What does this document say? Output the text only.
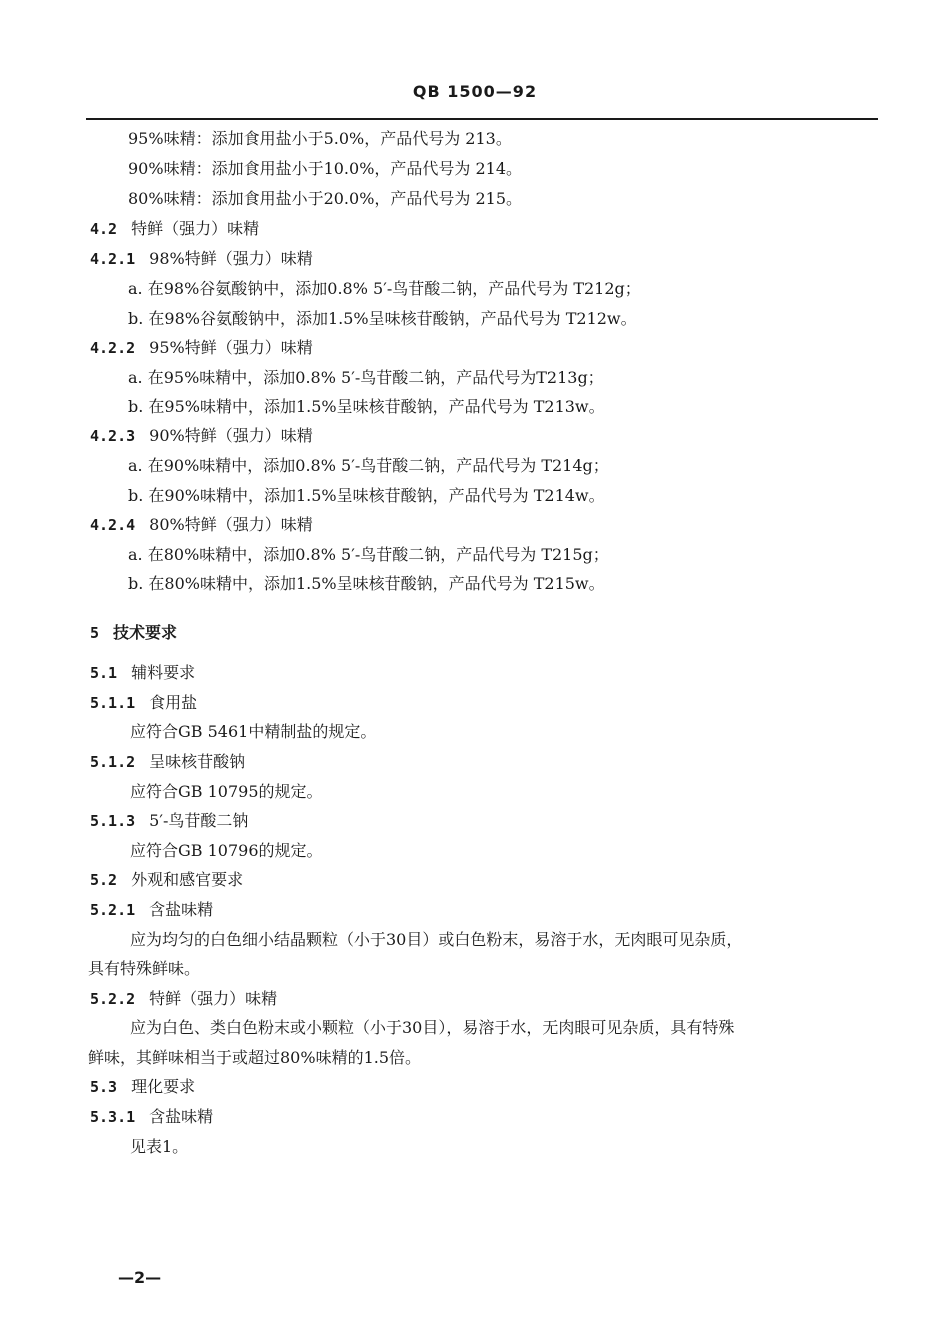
QB 1500—92
95%味精：添加食用盐小于5.0%，产品代号为 213。
90%味精：添加食用盐小于10.0%，产品代号为 214。
80%味精：添加食用盐小于20.0%，产品代号为 215。
4.2 特鲜（强力）味精
4.2.1 98%特鲜（强力）味精
a. 在98%谷氨酸钠中，添加0.8% 5′-鸟苷酸二钠，产品代号为 T212g；
b. 在98%谷氨酸钠中，添加1.5%呈味核苷酸钠，产品代号为 T212w。
4.2.2 95%特鲜（强力）味精
a. 在95%味精中，添加0.8% 5′-鸟苷酸二钠，产品代号为T213g；
b. 在95%味精中，添加1.5%呈味核苷酸钠，产品代号为 T213w。
4.2.3 90%特鲜（强力）味精
a. 在90%味精中，添加0.8% 5′-鸟苷酸二钠，产品代号为 T214g；
b. 在90%味精中，添加1.5%呈味核苷酸钠，产品代号为 T214w。
4.2.4 80%特鲜（强力）味精
a. 在80%味精中，添加0.8% 5′-鸟苷酸二钠，产品代号为 T215g；
b. 在80%味精中，添加1.5%呈味核苷酸钠，产品代号为 T215w。
5 技术要求
5.1 辅料要求
5.1.1 食用盐
应符合GB 5461中精制盐的规定。
5.1.2 呈味核苷酸钠
应符合GB 10795的规定。
5.1.3 5′-鸟苷酸二钠
应符合GB 10796的规定。
5.2 外观和感官要求
5.2.1 含盐味精
应为均匀的白色细小结晶颗粒（小于30目）或白色粉末，易溶于水，无肉眼可见杂质，
具有特殊鲜味。
5.2.2 特鲜（强力）味精
应为白色、类白色粉末或小颗粒（小于30目），易溶于水，无肉眼可见杂质，具有特殊
鲜味，其鲜味相当于或超过80%味精的1.5倍。
5.3 理化要求
5.3.1 含盐味精
见表1。
—2—
